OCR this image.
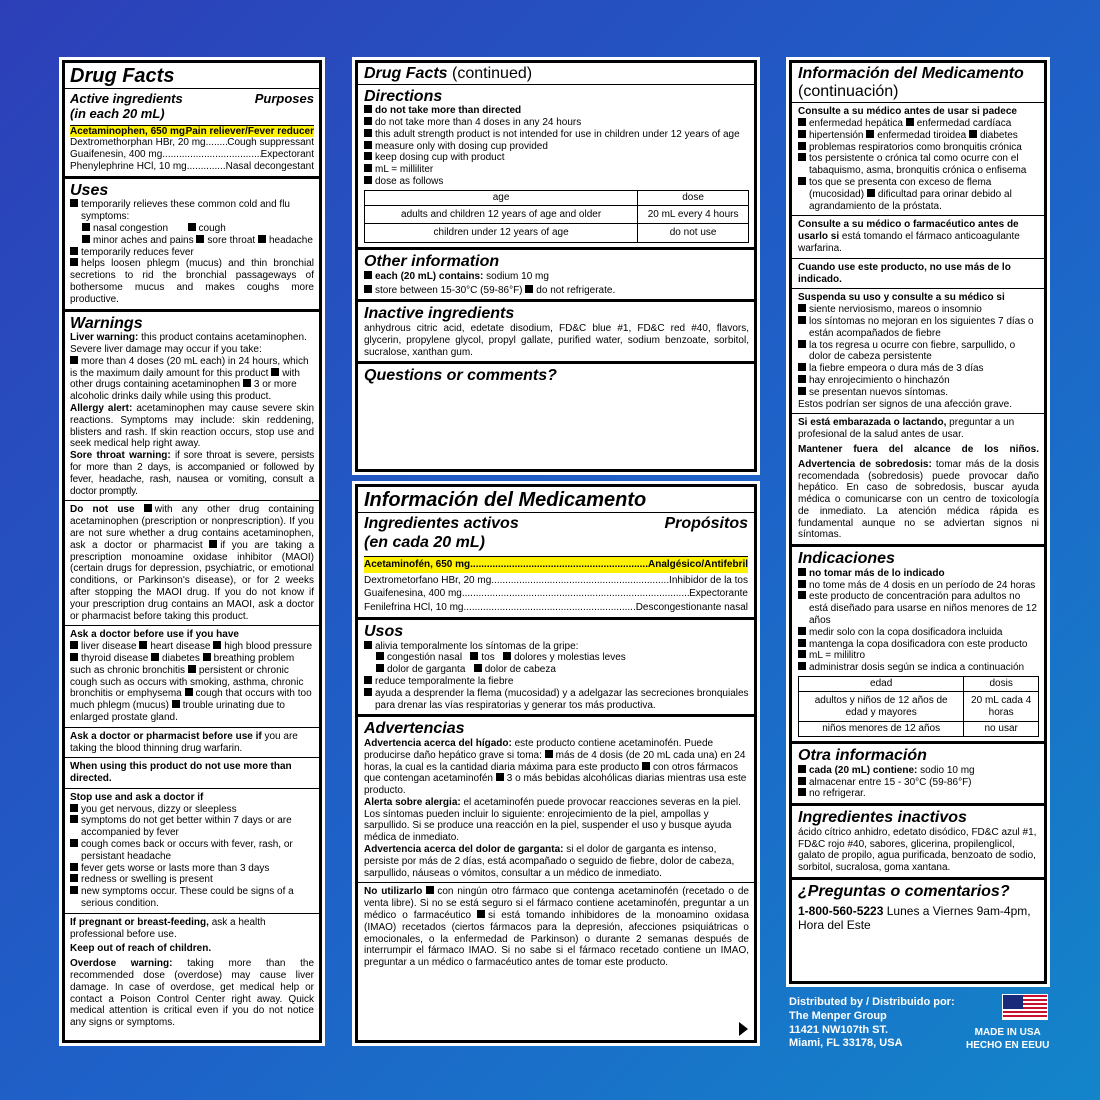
Drug Facts
Active ingredients
(in each 20 mL)
Purposes
Acetaminophen, 650 mg ..... Pain reliever/Fever reducer
Dextromethorphan HBr, 20 mg ..... Cough suppressant
Guaifenesin, 400 mg .....	Expectorant
Phenylephrine HCl, 10 mg .....	Nasal decongestant
Uses
temporarily relieves these common cold and flu symptoms:
nasal congestion	cough
minor aches and pains sore throat headache
temporarily reduces fever
helps loosen phlegm (mucus) and thin bronchial secretions to rid the bronchial passageways of bothersome mucus and makes coughs more productive.
Warnings
Liver warning: this product contains acetaminophen. Severe liver damage may occur if you take:
more than 4 doses (20 mL each) in 24 hours, which is the maximum daily amount for this product with other drugs containing acetaminophen 3 or more alcoholic drinks daily while using this product.
Allergy alert: acetaminophen may cause severe skin reactions. Symptoms may include: skin reddening, blisters and rash. If skin reaction occurs, stop use and seek medical help right away.
Sore throat warning: if sore throat is severe, persists for more than 2 days, is accompanied or followed by fever, headache, rash, nausea or vomiting, consult a doctor promptly.
Do not use with any other drug containing acetaminophen (prescription or nonprescription). If you are not sure whether a drug contains acetaminophen, ask a doctor or pharmacist if you are taking a prescription monoamine oxidase inhibitor (MAOI) (certain drugs for depression, psychiatric, or emotional conditions, or Parkinson's disease), or for 2 weeks after stopping the MAOI drug. If you do not know if your prescription drug contains an MAOI, ask a doctor or pharmacist before taking this product.
Ask a doctor before use if you have
liver disease heart disease high blood pressure thyroid disease diabetes breathing problem such as chronic bronchitis persistent or chronic cough such as occurs with smoking, asthma, chronic bronchitis or emphysema cough that occurs with too much phlegm (mucus) trouble urinating due to enlarged prostate gland.
Ask a doctor or pharmacist before use if you are taking the blood thinning drug warfarin.
When using this product do not use more than directed.
Stop use and ask a doctor if
you get nervous, dizzy or sleepless
symptoms do not get better within 7 days or are accompanied by fever
cough comes back or occurs with fever, rash, or persistant headache
fever gets worse or lasts more than 3 days
redness or swelling is present
new symptoms occur. These could be signs of a serious condition.
If pregnant or breast-feeding, ask a health professional before use.
Keep out of reach of children.
Overdose warning: taking more than the recommended dose (overdose) may cause liver damage. In case of overdose, get medical help or contact a Poison Control Center right away. Quick medical attention is critical even if you do not notice any signs or symptoms.
Drug Facts (continued)
Directions
do not take more than directed
do not take more than 4 doses in any 24 hours
this adult strength product is not intended for use in children under 12 years of age
measure only with dosing cup provided
keep dosing cup with product
mL = milliliter
dose as follows
age	dose
adults and children 12 years of age and older	20 mL every 4 hours
children under 12 years of age	do not use
Other information
each (20 mL) contains: sodium 10 mg
store between 15-30°C (59-86°F) do not refrigerate.
Inactive ingredients
anhydrous citric acid, edetate disodium, FD&C blue #1, FD&C red #40, flavors, glycerin, propylene glycol, propyl gallate, purified water, sodium benzoate, sorbitol, sucralose, xanthan gum.
Questions or comments?
Información del Medicamento
Ingredientes activos
(en cada 20 mL)
Propósitos
Acetaminofén, 650 mg .....	Analgésico/Antifebril
Dextrometorfano HBr, 20 mg .....	Inhibidor de la tos
Guaifenesina, 400 mg .....	Expectorante
Fenilefrina HCl, 10 mg .....	Descongestionante nasal
Usos
alivia temporalmente los síntomas de la gripe:
congestión nasal tos dolores y molestias leves
dolor de garganta dolor de cabeza
reduce temporalmente la fiebre
ayuda a desprender la flema (mucosidad) y a adelgazar las secreciones bronquiales para drenar las vías respiratorias y generar tos más productiva.
Advertencias
Advertencia acerca del hígado: este producto contiene acetaminofén. Puede producirse daño hepático grave si toma: más de 4 dosis (de 20 mL cada una) en 24 horas, la cual es la cantidad diaria máxima para este producto con otros fármacos que contengan acetaminofén 3 o más bebidas alcohólicas diarias mientras usa este producto.
Alerta sobre alergia: el acetaminofén puede provocar reacciones severas en la piel. Los síntomas pueden incluir lo siguiente: enrojecimiento de la piel, ampollas y sarpullido. Si se produce una reacción en la piel, suspender el uso y busque ayuda médica de inmediato.
Advertencia acerca del dolor de garganta: si el dolor de garganta es intenso, persiste por más de 2 días, está acompañado o seguido de fiebre, dolor de cabeza, sarpullido, náuseas o vómitos, consultar a un médico de inmediato.
No utilizarlo con ningún otro fármaco que contenga acetaminofén (recetado o de venta libre). Si no se está seguro si el fármaco contiene acetaminofén, preguntar a un médico o farmacéutico si está tomando inhibidores de la monoamino oxidasa (IMAO) recetados (ciertos fármacos para la depresión, afecciones psiquiátricas o emocionales, o la enfermedad de Parkinson) o durante 2 semanas después de interrumpir el fármaco IMAO. Si no sabe si el fármaco recetado contiene un IMAO, preguntar a un médico o farmacéutico antes de tomar este producto.
Información del Medicamento
(continuación)
Consulte a su médico antes de usar si padece
enfermedad hepática enfermedad cardíaca
hipertensión enfermedad tiroidea diabetes
problemas respiratorios como bronquitis crónica
tos persistente o crónica tal como ocurre con el tabaquismo, asma, bronquitis crónica o enfisema
tos que se presenta con exceso de flema (mucosidad) dificultad para orinar debido al agrandamiento de la próstata.
Consulte a su médico o farmacéutico antes de usarlo si está tomando el fármaco anticoagulante warfarina.
Cuando use este producto, no use más de lo indicado.
Suspenda su uso y consulte a su médico si
siente nerviosismo, mareos o insomnio
los síntomas no mejoran en los siguientes 7 días o están acompañados de fiebre
la tos regresa u ocurre con fiebre, sarpullido, o dolor de cabeza persistente
la fiebre empeora o dura más de 3 días
hay enrojecimiento o hinchazón
se presentan nuevos síntomas.
Estos podrían ser signos de una afección grave.
Si está embarazada o lactando, preguntar a un profesional de la salud antes de usar.
Mantener fuera del alcance de los niños.
Advertencia de sobredosis: tomar más de la dosis recomendada (sobredosis) puede provocar daño hepático. En caso de sobredosis, buscar ayuda médica o comunicarse con un centro de toxicología de inmediato. La atención médica rápida es fundamental aunque no se adviertan signos ni síntomas.
Indicaciones
no tomar más de lo indicado
no tome más de 4 dosis en un período de 24 horas
este producto de concentración para adultos no está diseñado para usarse en niños menores de 12 años
medir solo con la copa dosificadora incluida
mantenga la copa dosificadora con este producto
mL = mililitro
administrar dosis según se indica a continuación
edad	dosis
adultos y niños de 12 años de edad y mayores	20 mL cada 4 horas
niños menores de 12 años	no usar
Otra información
cada (20 mL) contiene: sodio 10 mg
almacenar entre 15 - 30°C (59-86°F)
no refrigerar.
Ingredientes inactivos
ácido cítrico anhidro, edetato disódico, FD&C azul #1, FD&C rojo #40, sabores, glicerina, propilenglicol, galato de propilo, agua purificada, benzoato de sodio, sorbitol, sucralosa, goma xantana.
¿Preguntas o comentarios?
1-800-560-5223 Lunes a Viernes 9am-4pm, Hora del Este
Distributed by / Distribuido por:
The Menper Group
11421 NW107th ST.
Miami, FL 33178, USA
MADE IN USA
HECHO EN EEUU
